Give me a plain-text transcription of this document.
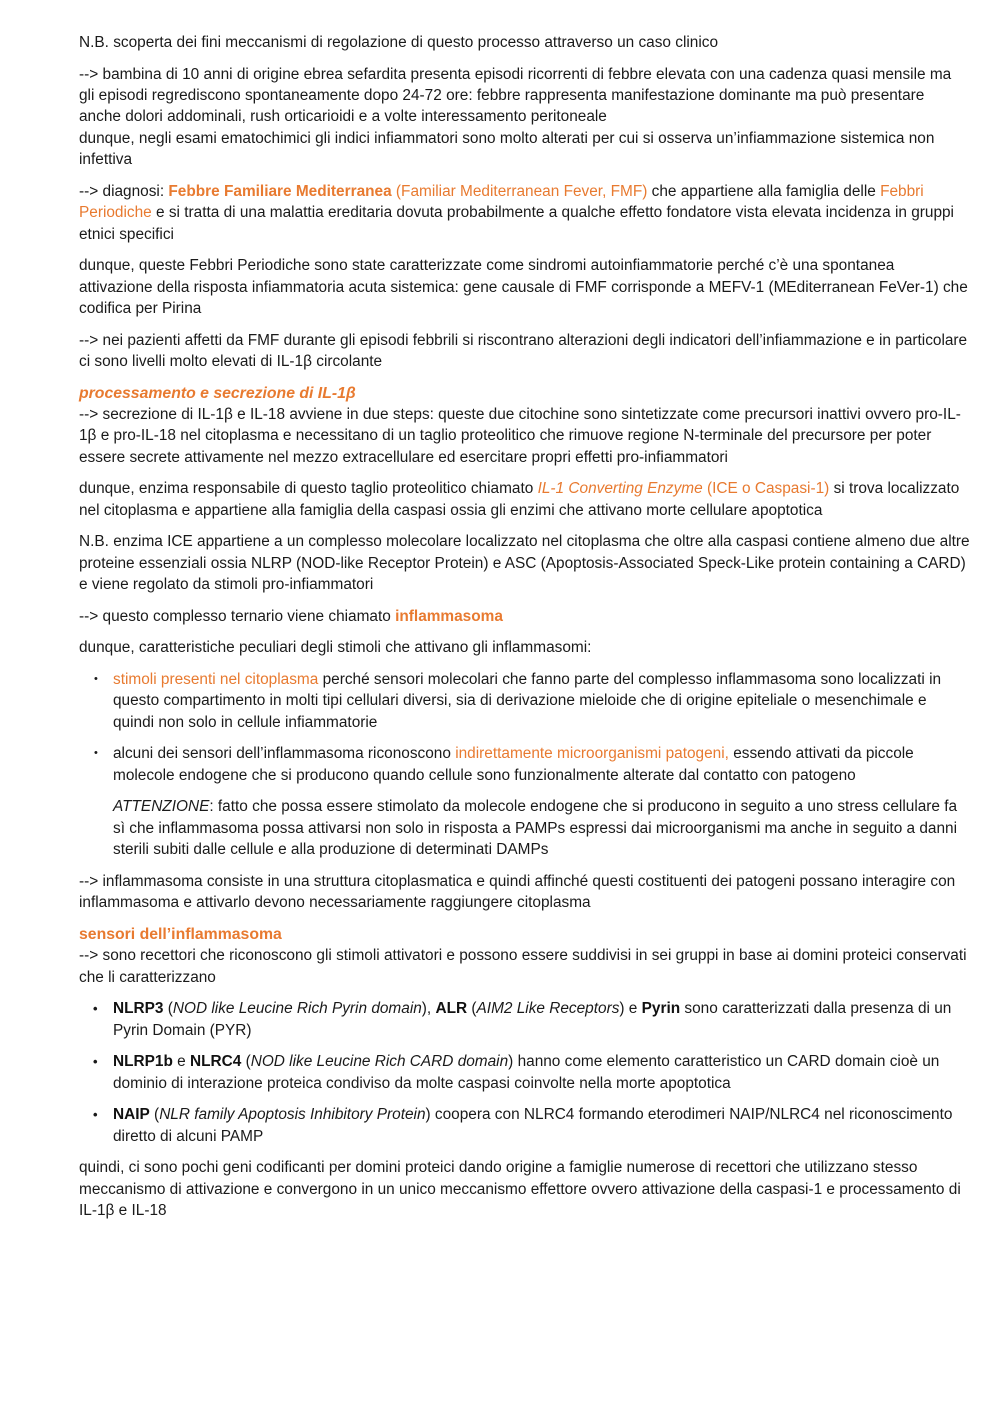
N.B. scoperta dei fini meccanismi di regolazione di questo processo attraverso un caso clinico

--> bambina di 10 anni di origine ebrea sefardita presenta episodi ricorrenti di febbre elevata con una cadenza quasi mensile ma gli episodi regrediscono spontaneamente dopo 24-72 ore: febbre rappresenta manifestazione dominante ma può presentare anche dolori addominali, rush orticarioidi e a volte interessamento peritoneale
dunque, negli esami ematochimici gli indici infiammatori sono molto alterati per cui si osserva un’infiammazione sistemica non infettiva

--> diagnosi: Febbre Familiare Mediterranea (Familiar Mediterranean Fever, FMF) che appartiene alla famiglia delle Febbri Periodiche e si tratta di una malattia ereditaria dovuta probabilmente a qualche effetto fondatore vista elevata incidenza in gruppi etnici specifici

dunque, queste Febbri Periodiche sono state caratterizzate come sindromi autoinfiammatorie perché c’è una spontanea attivazione della risposta infiammatoria acuta sistemica: gene causale di FMF corrisponde a MEFV-1 (MEditerranean FeVer-1) che codifica per Pirina

--> nei pazienti affetti da FMF durante gli episodi febbrili si riscontrano alterazioni degli indicatori dell’infiammazione e in particolare ci sono livelli molto elevati di IL-1β circolante

processamento e secrezione di IL-1β

--> secrezione di IL-1β e IL-18 avviene in due steps: queste due citochine sono sintetizzate come precursori inattivi ovvero pro-IL-1β e pro-IL-18 nel citoplasma e necessitano di un taglio proteolitico che rimuove regione N-terminale del precursore per poter essere secrete attivamente nel mezzo extracellulare ed esercitare propri effetti pro-infiammatori

dunque, enzima responsabile di questo taglio proteolitico chiamato IL-1 Converting Enzyme (ICE o Caspasi-1) si trova localizzato nel citoplasma e appartiene alla famiglia della caspasi ossia gli enzimi che attivano morte cellulare apoptotica

N.B. enzima ICE appartiene a un complesso molecolare localizzato nel citoplasma che oltre alla caspasi contiene almeno due altre proteine essenziali ossia NLRP (NOD-like Receptor Protein) e ASC (Apoptosis-Associated Speck-Like protein containing a CARD) e viene regolato da stimoli pro-infiammatori

--> questo complesso ternario viene chiamato inflammasoma

dunque, caratteristiche peculiari degli stimoli che attivano gli inflammasomi:

• stimoli presenti nel citoplasma perché sensori molecolari che fanno parte del complesso inflammasoma sono localizzati in questo compartimento in molti tipi cellulari diversi, sia di derivazione mieloide che di origine epiteliale o mesenchimale e quindi non solo in cellule infiammatorie
• alcuni dei sensori dell’inflammasoma riconoscono indirettamente microorganismi patogeni, essendo attivati da piccole molecole endogene che si producono quando cellule sono funzionalmente alterate dal contatto con patogeno

ATTENZIONE: fatto che possa essere stimolato da molecole endogene che si producono in seguito a uno stress cellulare fa sì che inflammasoma possa attivarsi non solo in risposta a PAMPs espressi dai microorganismi ma anche in seguito a danni sterili subiti dalle cellule e alla produzione di determinati DAMPs

--> inflammasoma consiste in una struttura citoplasmatica e quindi affinché questi costituenti dei patogeni possano interagire con inflammasoma e attivarlo devono necessariamente raggiungere citoplasma

sensori dell’inflammasoma

--> sono recettori che riconoscono gli stimoli attivatori e possono essere suddivisi in sei gruppi in base ai domini proteici conservati che li caratterizzano

• NLRP3 (NOD like Leucine Rich Pyrin domain), ALR (AIM2 Like Receptors) e Pyrin sono caratterizzati dalla presenza di un Pyrin Domain (PYR)
• NLRP1b e NLRC4 (NOD like Leucine Rich CARD domain) hanno come elemento caratteristico un CARD domain cioè un dominio di interazione proteica condiviso da molte caspasi coinvolte nella morte apoptotica
• NAIP (NLR family Apoptosis Inhibitory Protein) coopera con NLRC4 formando eterodimeri NAIP/NLRC4 nel riconoscimento diretto di alcuni PAMP

quindi, ci sono pochi geni codificanti per domini proteici dando origine a famiglie numerose di recettori che utilizzano stesso meccanismo di attivazione e convergono in un unico meccanismo effettore ovvero attivazione della caspasi-1 e processamento di IL-1β e IL-18
